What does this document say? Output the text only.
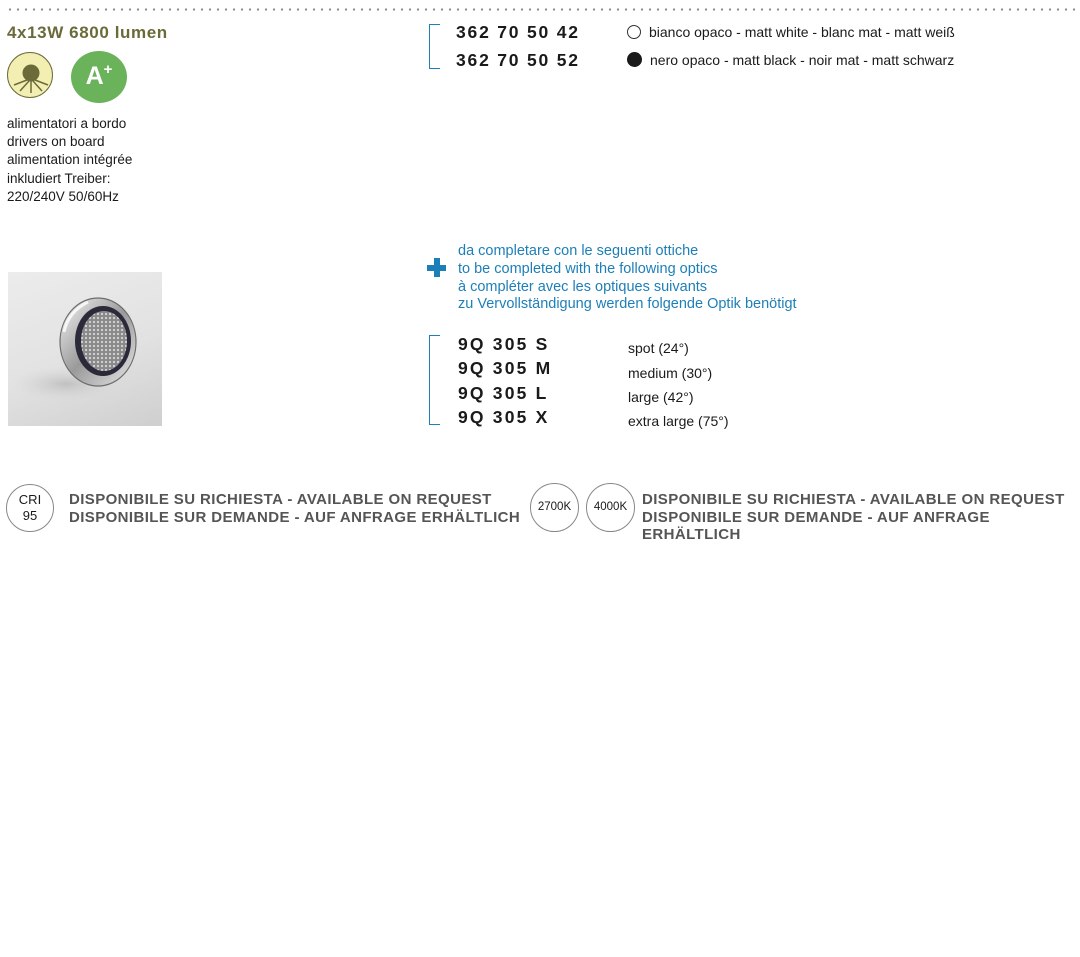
4x13W 6800 lumen
A+
alimentatori a bordo
drivers on board
alimentation intégrée
inkludiert Treiber:
220/240V 50/60Hz
362 70 50 42
362 70 50 52
bianco opaco - matt white - blanc mat - matt weiß
nero opaco - matt black - noir mat - matt schwarz
da completare con le seguenti ottiche
to be completed with the following optics
à compléter avec les optiques suivants
zu Vervollständigung werden folgende Optik benötigt
9Q 305 S
9Q 305 M
9Q 305 L
9Q 305 X
spot (24°)
medium (30°)
large (42°)
extra large (75°)
CRI
95
DISPONIBILE SU RICHIESTA - AVAILABLE ON REQUEST
DISPONIBILE SUR DEMANDE - AUF ANFRAGE ERHÄLTLICH
2700K	4000K DISPONIBILE SU RICHIESTA - AVAILABLE ON REQUEST
DISPONIBILE SUR DEMANDE - AUF ANFRAGE ERHÄLTLICH
